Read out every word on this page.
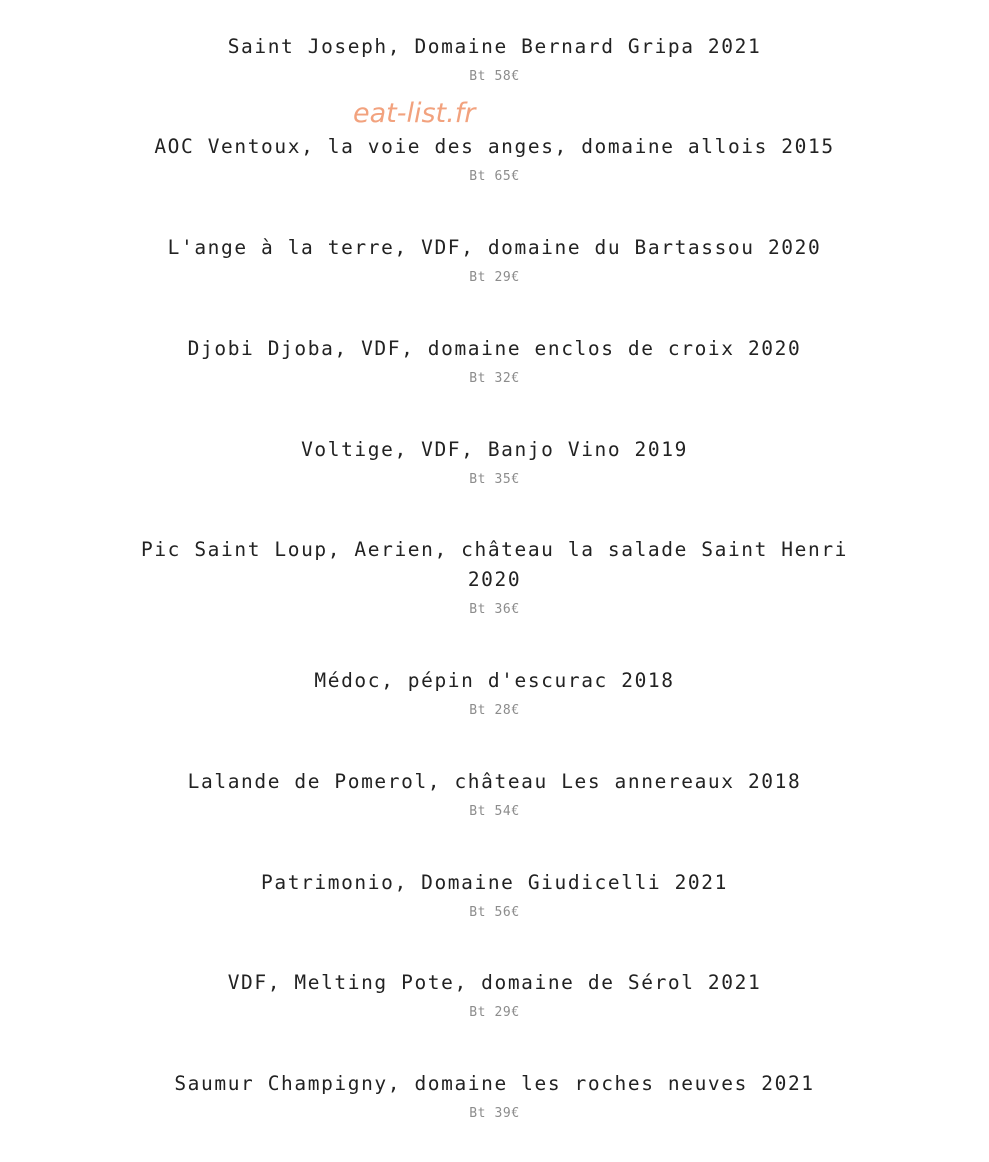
Saint Joseph, Domaine Bernard Gripa 2021
Bt 58€
AOC Ventoux, la voie des anges, domaine allois 2015
Bt 65€
L'ange à la terre, VDF, domaine du Bartassou 2020
Bt 29€
Djobi Djoba, VDF, domaine enclos de croix 2020
Bt 32€
Voltige, VDF, Banjo Vino 2019
Bt 35€
Pic Saint Loup, Aerien, château la salade Saint Henri 2020
Bt 36€
Médoc, pépin d'escurac 2018
Bt 28€
Lalande de Pomerol, château Les annereaux 2018
Bt 54€
Patrimonio, Domaine Giudicelli 2021
Bt 56€
VDF, Melting Pote, domaine de Sérol 2021
Bt 29€
Saumur Champigny, domaine les roches neuves 2021
Bt 39€
eat-list.fr
